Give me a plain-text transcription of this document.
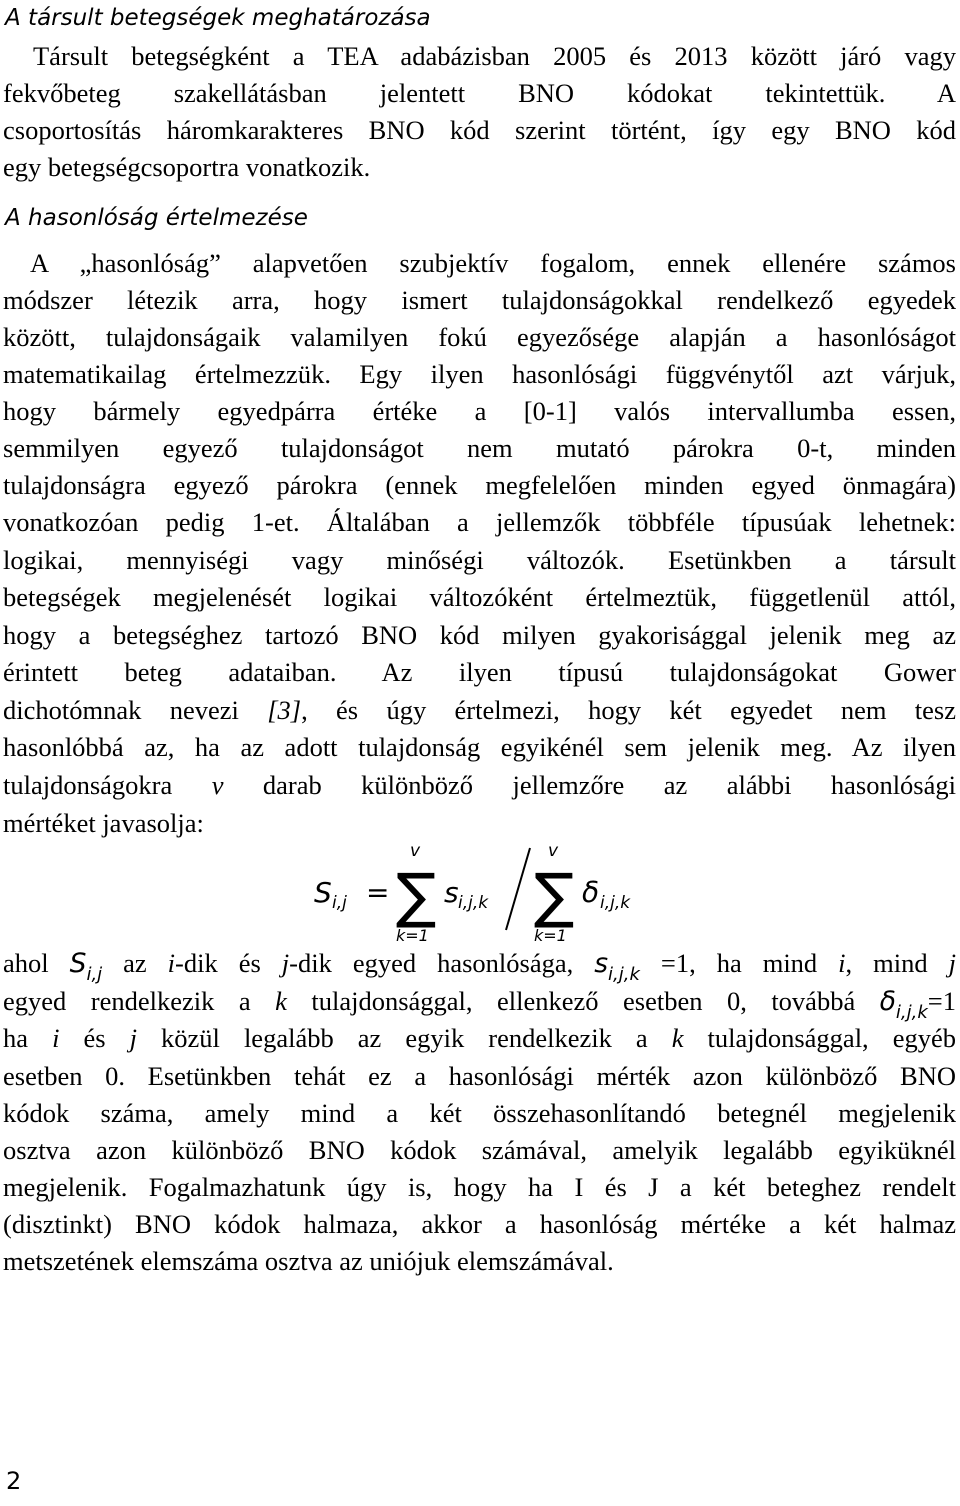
A társult betegségek meghatározása
Társult betegségként a TEA adabázisban 2005 és 2013 között járó vagy
fekvőbeteg szakellátásban jelentett BNO kódokat tekintettük. A
csoportosítás háromkarakteres BNO kód szerint történt, így egy BNO kód
egy betegségcsoportra vonatkozik.
A hasonlóság értelmezése
A „hasonlóság” alapvetően szubjektív fogalom, ennek ellenére számos
módszer létezik arra, hogy ismert tulajdonságokkal rendelkező egyedek
között, tulajdonságaik valamilyen fokú egyezősége alapján a hasonlóságot
matematikailag értelmezzük. Egy ilyen hasonlósági függvénytől azt várjuk,
hogy bármely egyedpárra értéke a [0-1] valós intervallumba essen,
semmilyen egyező tulajdonságot nem mutató párokra 0-t, minden
tulajdonságra egyező párokra (ennek megfelelően minden egyed önmagára)
vonatkozóan pedig 1-et. Általában a jellemzők többféle típusúak lehetnek:
logikai, mennyiségi vagy minőségi változók. Esetünkben a társult
betegségek megjelenését logikai változóként értelmeztük, függetlenül attól,
hogy a betegséghez tartozó BNO kód milyen gyakorisággal jelenik meg az
érintett beteg adataiban. Az ilyen típusú tulajdonságokat Gower
dichotómnak nevezi [3], és úgy értelmezi, hogy két egyedet nem tesz
hasonlóbbá az, ha az adott tulajdonság egyikénél sem jelenik meg. Az ilyen
tulajdonságokra v darab különböző jellemzőre az alábbi hasonlósági
mértéket javasolja:
S i,j =
v
∑
k=1
s i,j,k
v
∑
k=1
δ i,j,k
ahol $S_{i,j}$ az i-dik és j-dik egyed hasonlósága, $s_{i,j,k} =1$, ha mind i, mind j
egyed rendelkezik a k tulajdonsággal, ellenkező esetben 0, továbbá $\delta_{i,j,k}=1$
ha i és j közül legalább az egyik rendelkezik a k tulajdonsággal, egyéb
esetben 0. Esetünkben tehát ez a hasonlósági mérték azon különböző BNO
kódok száma, amely mind a két összehasonlítandó betegnél megjelenik
osztva azon különböző BNO kódok számával, amelyik legalább egyiküknél
megjelenik. Fogalmazhatunk úgy is, hogy ha I és J a két beteghez rendelt
(disztinkt) BNO kódok halmaza, akkor a hasonlóság mértéke a két halmaz
metszetének elemszáma osztva az uniójuk elemszámával.
2
